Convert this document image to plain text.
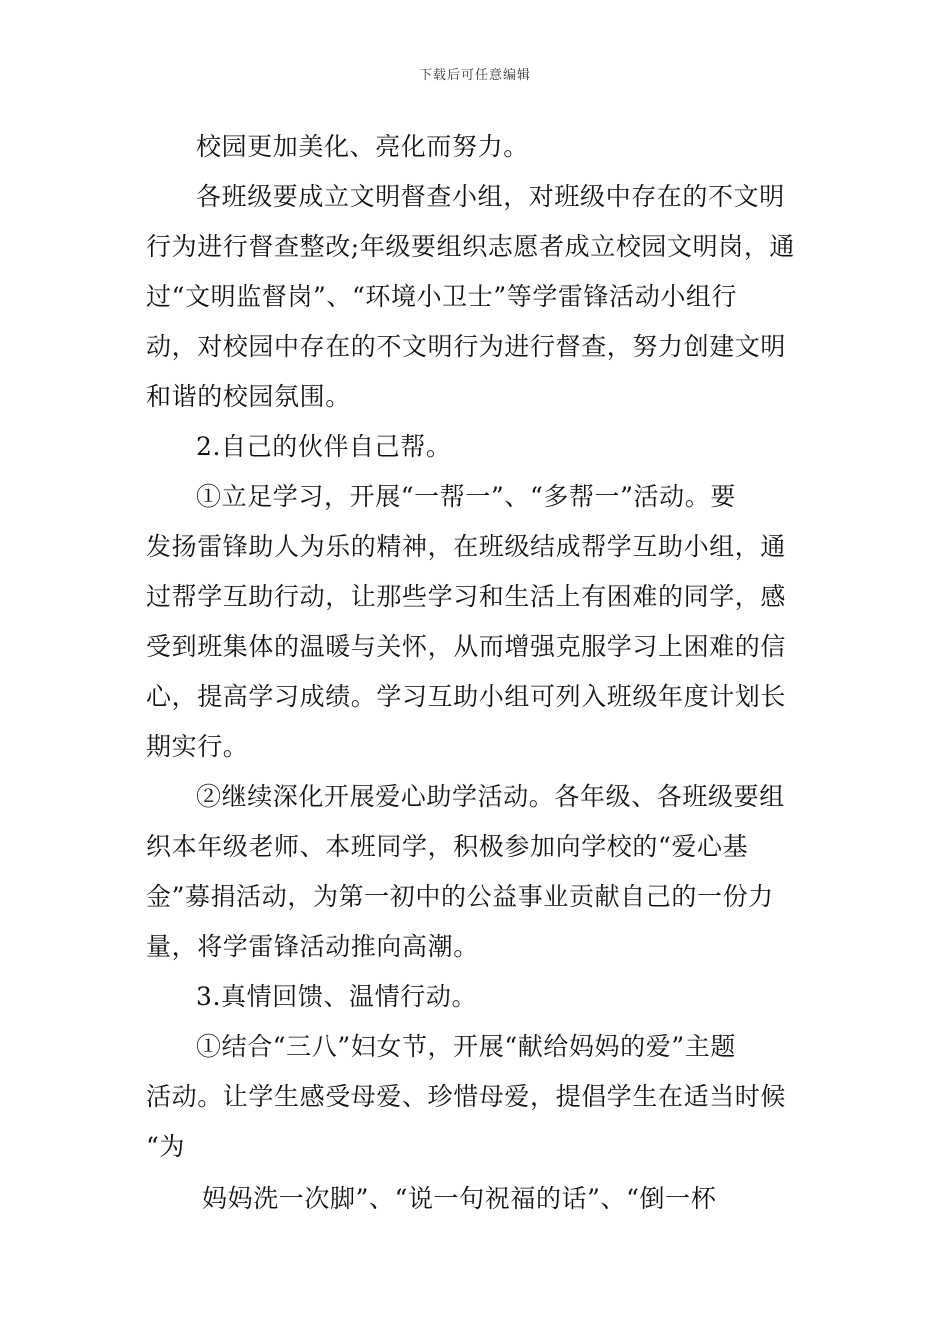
下载后可任意编辑
校园更加美化、亮化而努力。
各班级要成立文明督查小组，对班级中存在的不文明
行为进行督查整改;年级要组织志愿者成立校园文明岗，通
过“文明监督岗”、“环境小卫士”等学雷锋活动小组行
动，对校园中存在的不文明行为进行督查，努力创建文明
和谐的校园氛围。
2.自己的伙伴自己帮。
①立足学习，开展“一帮一”、“多帮一”活动。要
发扬雷锋助人为乐的精神，在班级结成帮学互助小组，通
过帮学互助行动，让那些学习和生活上有困难的同学，感
受到班集体的温暖与关怀，从而增强克服学习上困难的信
心，提高学习成绩。学习互助小组可列入班级年度计划长
期实行。
②继续深化开展爱心助学活动。各年级、各班级要组
织本年级老师、本班同学，积极参加向学校的“爱心基
金”募捐活动，为第一初中的公益事业贡献自己的一份力
量，将学雷锋活动推向高潮。
3.真情回馈、温情行动。
①结合“三八”妇女节，开展“献给妈妈的爱”主题
活动。让学生感受母爱、珍惜母爱，提倡学生在适当时候
“为
妈妈洗一次脚”、“说一句祝福的话”、“倒一杯
